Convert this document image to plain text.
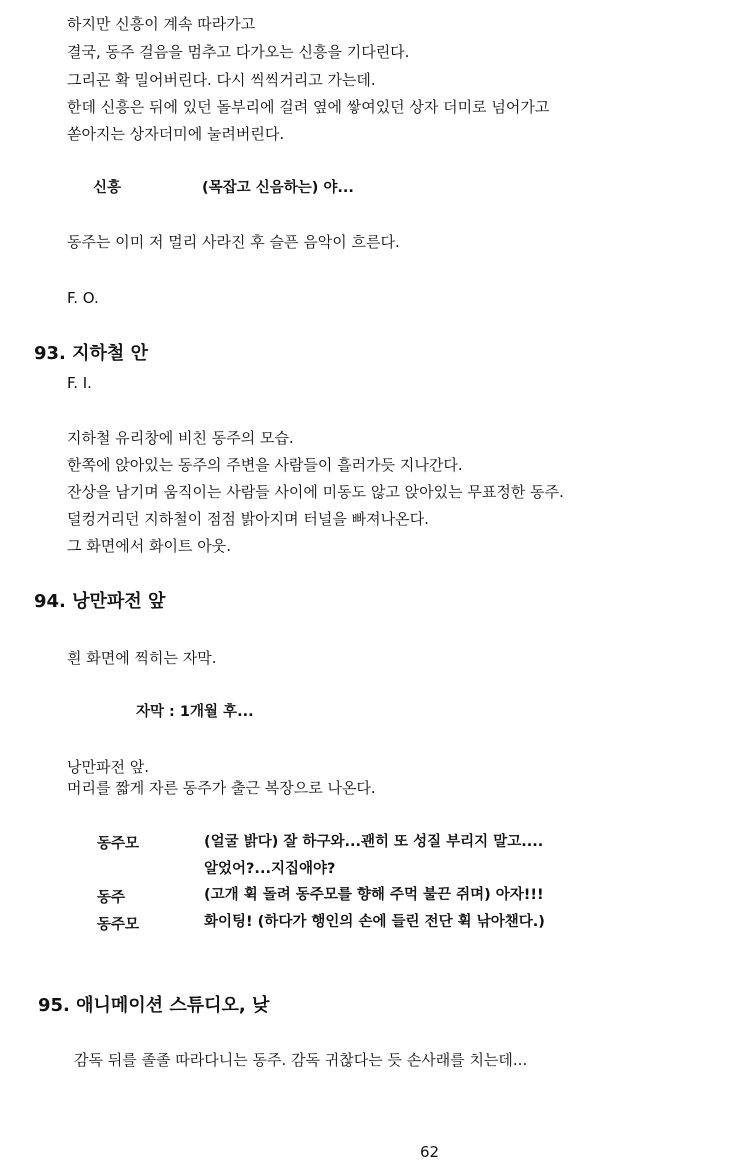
하지만 신흥이 계속 따라가고
결국, 동주 걸음을 멈추고 다가오는 신흥을 기다린다.
그리곤 확 밀어버린다. 다시 씩씩거리고 가는데.
한데 신흥은 뒤에 있던 돌부리에 걸려 옆에 쌓여있던 상자 더미로 넘어가고
쏟아지는 상자더미에 눌려버린다.
신흥	(목잡고 신음하는) 야...
동주는 이미 저 멀리 사라진 후 슬픈 음악이 흐른다.
F. O.
93. 지하철 안
F. I.
지하철 유리창에 비친 동주의 모습.
한쪽에 앉아있는 동주의 주변을 사람들이 흘러가듯 지나간다.
잔상을 남기며 움직이는 사람들 사이에 미동도 않고 앉아있는 무표정한 동주.
덜컹거리던 지하철이 점점 밝아지며 터널을 빠져나온다.
그 화면에서 화이트 아웃.
94. 낭만파전 앞
흰 화면에 찍히는 자막.
자막 : 1개월 후...
낭만파전 앞.
머리를 짧게 자른 동주가 출근 복장으로 나온다.
동주모	(얼굴 밝다) 잘 하구와...괜히 또 성질 부리지 말고....
알었어?...지집애야?
동주	(고개 휙 돌려 동주모를 향해 주먹 불끈 쥐며) 아자!!!
동주모	화이팅! (하다가 행인의 손에 들린 전단 휙 낚아챈다.)
95. 애니메이션 스튜디오, 낮
감독 뒤를 졸졸 따라다니는 동주. 감독 귀찮다는 듯 손사래를 치는데...
62
